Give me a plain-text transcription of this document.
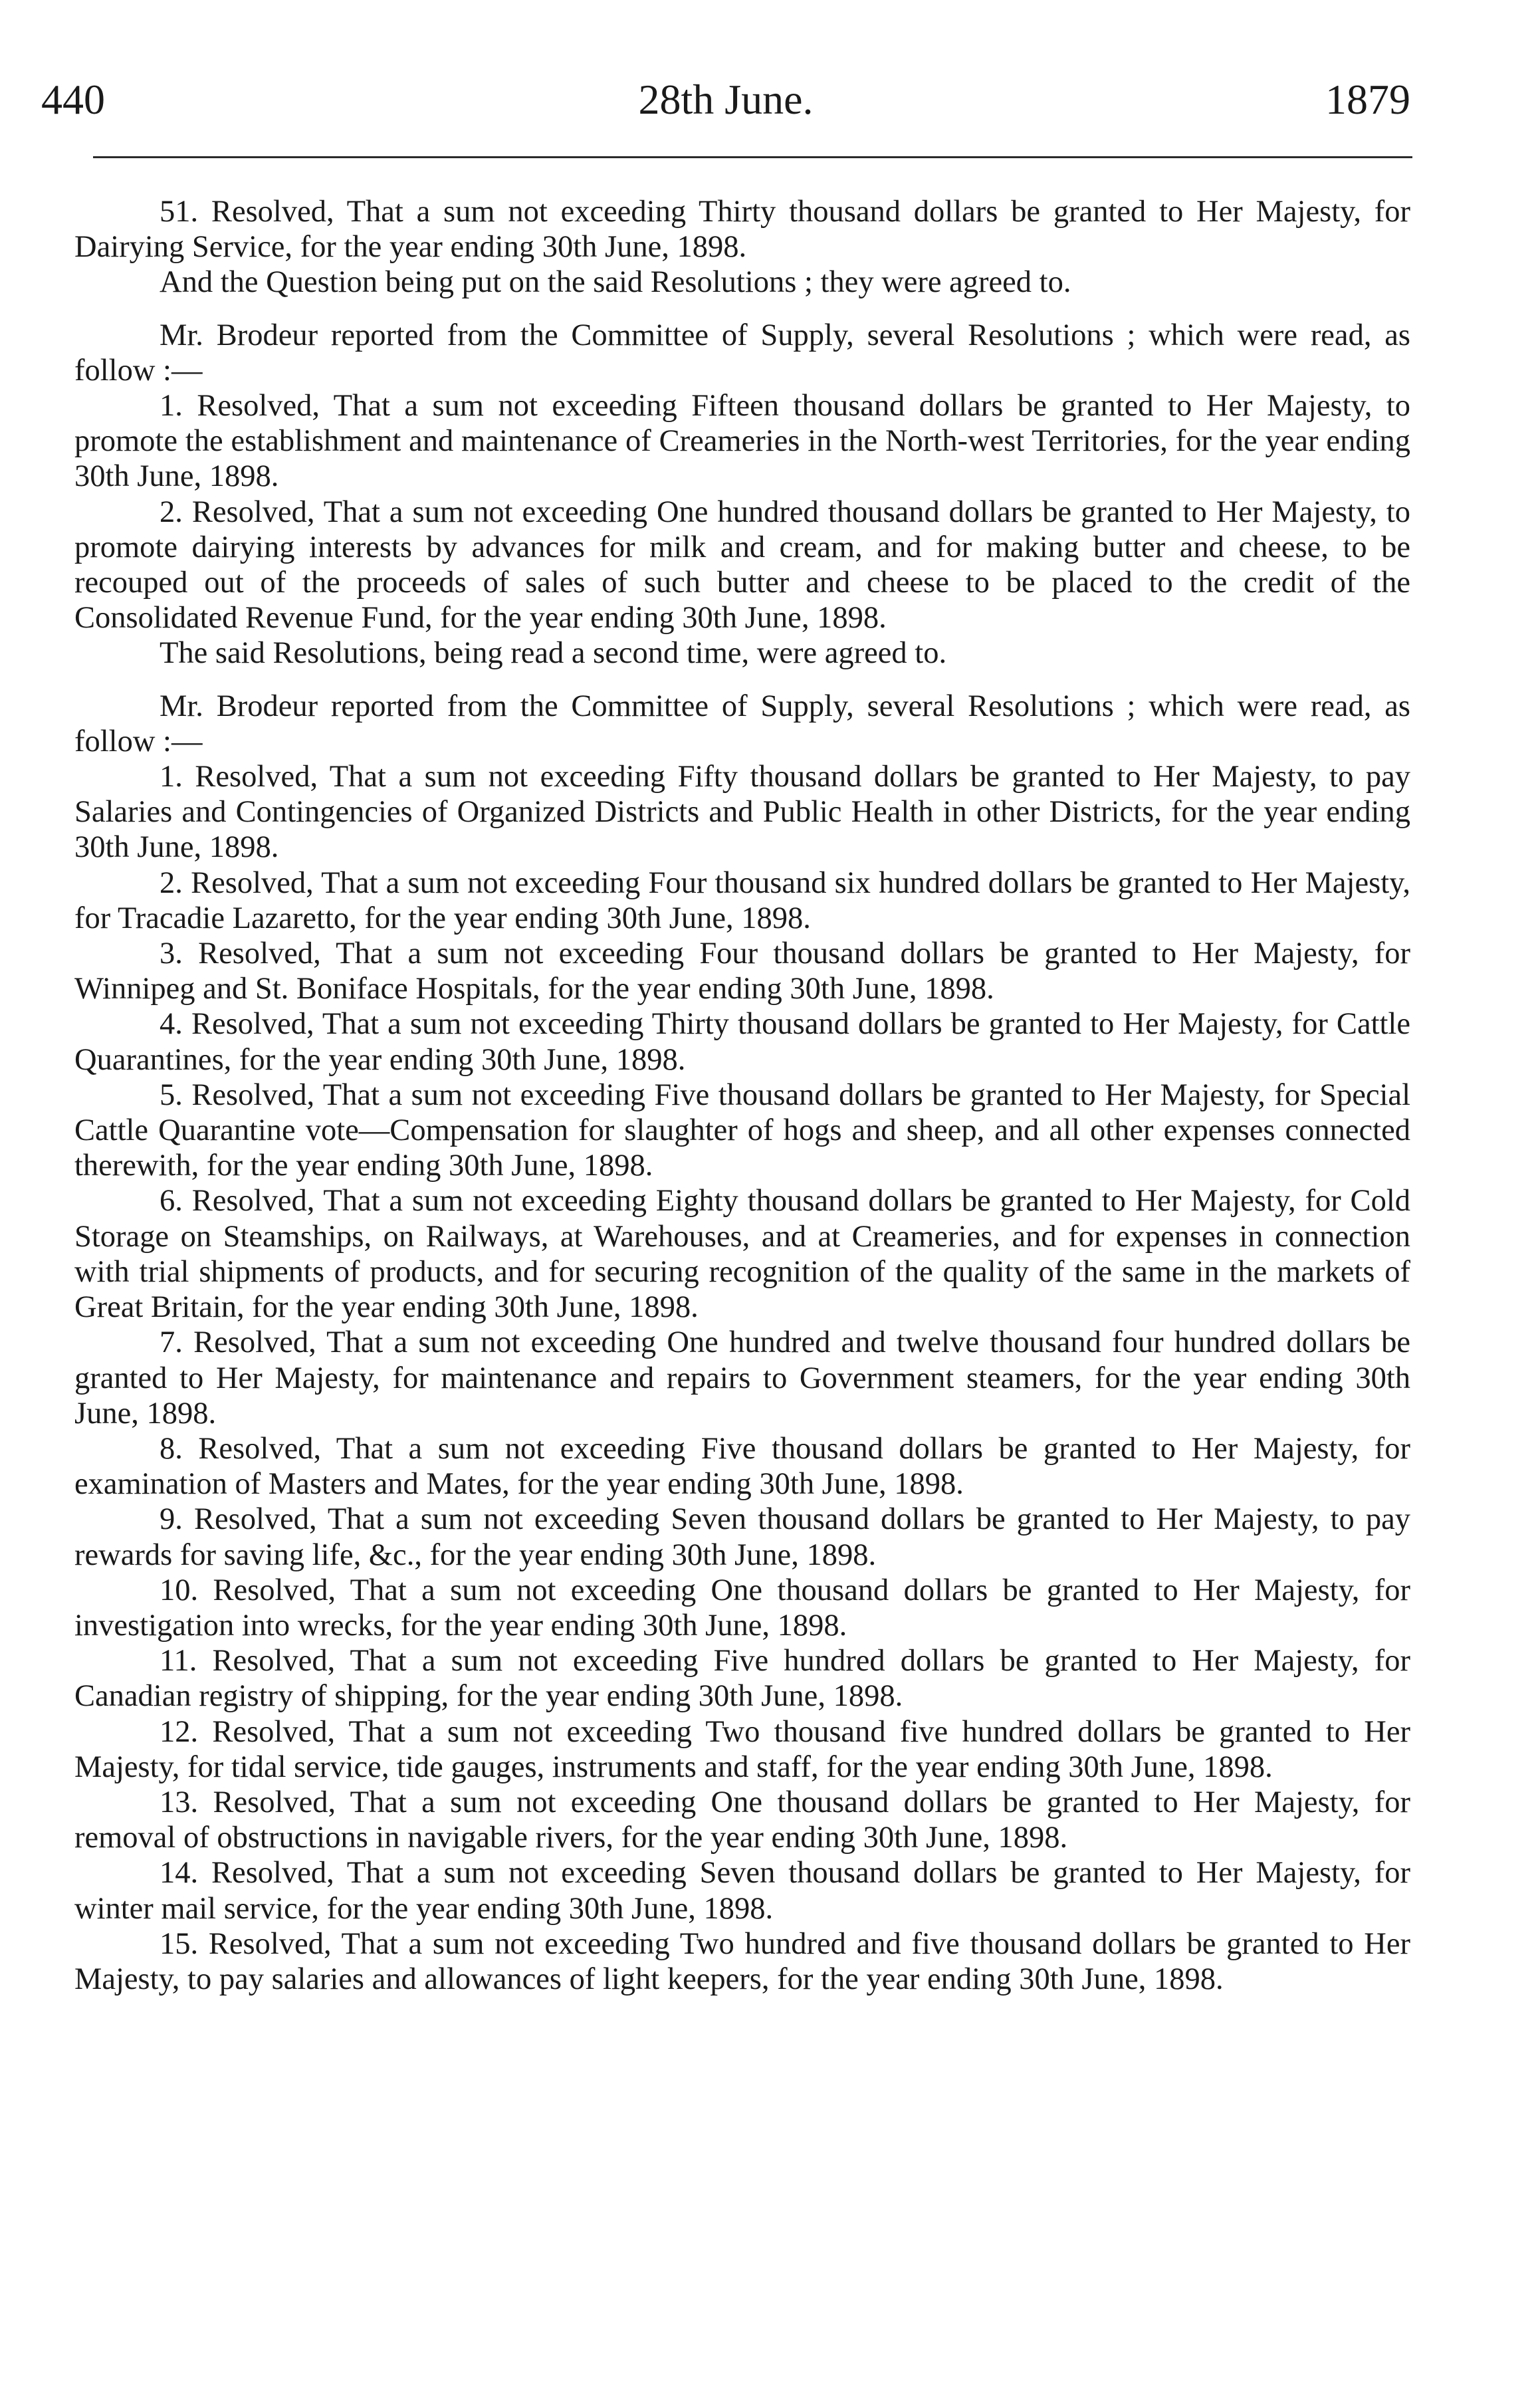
440	28th June.	1879

51. Resolved, That a sum not exceeding Thirty thousand dollars be granted to Her Majesty, for Dairying Service, for the year ending 30th June, 1898.

And the Question being put on the said Resolutions ; they were agreed to.

Mr. Brodeur reported from the Committee of Supply, several Resolutions ; which were read, as follow :—

1. Resolved, That a sum not exceeding Fifteen thousand dollars be granted to Her Majesty, to promote the establishment and maintenance of Creameries in the North-west Territories, for the year ending 30th June, 1898.

2. Resolved, That a sum not exceeding One hundred thousand dollars be granted to Her Majesty, to promote dairying interests by advances for milk and cream, and for making butter and cheese, to be recouped out of the proceeds of sales of such butter and cheese to be placed to the credit of the Consolidated Revenue Fund, for the year ending 30th June, 1898.

The said Resolutions, being read a second time, were agreed to.

Mr. Brodeur reported from the Committee of Supply, several Resolutions ; which were read, as follow :—

1. Resolved, That a sum not exceeding Fifty thousand dollars be granted to Her Majesty, to pay Salaries and Contingencies of Organized Districts and Public Health in other Districts, for the year ending 30th June, 1898.

2. Resolved, That a sum not exceeding Four thousand six hundred dollars be granted to Her Majesty, for Tracadie Lazaretto, for the year ending 30th June, 1898.

3. Resolved, That a sum not exceeding Four thousand dollars be granted to Her Majesty, for Winnipeg and St. Boniface Hospitals, for the year ending 30th June, 1898.

4. Resolved, That a sum not exceeding Thirty thousand dollars be granted to Her Majesty, for Cattle Quarantines, for the year ending 30th June, 1898.

5. Resolved, That a sum not exceeding Five thousand dollars be granted to Her Majesty, for Special Cattle Quarantine vote—Compensation for slaughter of hogs and sheep, and all other expenses connected therewith, for the year ending 30th June, 1898.

6. Resolved, That a sum not exceeding Eighty thousand dollars be granted to Her Majesty, for Cold Storage on Steamships, on Railways, at Warehouses, and at Creameries, and for expenses in connection with trial shipments of products, and for securing recognition of the quality of the same in the markets of Great Britain, for the year ending 30th June, 1898.

7. Resolved, That a sum not exceeding One hundred and twelve thousand four hundred dollars be granted to Her Majesty, for maintenance and repairs to Government steamers, for the year ending 30th June, 1898.

8. Resolved, That a sum not exceeding Five thousand dollars be granted to Her Majesty, for examination of Masters and Mates, for the year ending 30th June, 1898.

9. Resolved, That a sum not exceeding Seven thousand dollars be granted to Her Majesty, to pay rewards for saving life, &c., for the year ending 30th June, 1898.

10. Resolved, That a sum not exceeding One thousand dollars be granted to Her Majesty, for investigation into wrecks, for the year ending 30th June, 1898.

11. Resolved, That a sum not exceeding Five hundred dollars be granted to Her Majesty, for Canadian registry of shipping, for the year ending 30th June, 1898.

12. Resolved, That a sum not exceeding Two thousand five hundred dollars be granted to Her Majesty, for tidal service, tide gauges, instruments and staff, for the year ending 30th June, 1898.

13. Resolved, That a sum not exceeding One thousand dollars be granted to Her Majesty, for removal of obstructions in navigable rivers, for the year ending 30th June, 1898.

14. Resolved, That a sum not exceeding Seven thousand dollars be granted to Her Majesty, for winter mail service, for the year ending 30th June, 1898.

15. Resolved, That a sum not exceeding Two hundred and five thousand dollars be granted to Her Majesty, to pay salaries and allowances of light keepers, for the year ending 30th June, 1898.
